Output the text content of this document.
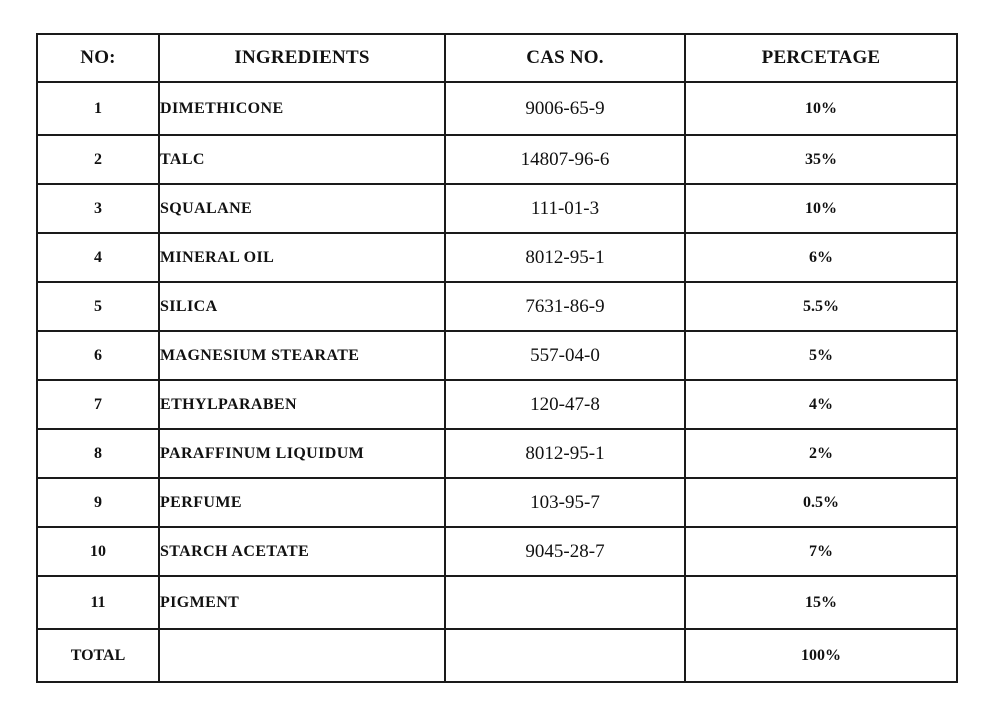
NO:	INGREDIENTS	CAS NO.	PERCETAGE
1	DIMETHICONE	9006-65-9	10%
2	TALC	14807-96-6	35%
3	SQUALANE	111-01-3	10%
4	MINERAL OIL	8012-95-1	6%
5	SILICA	7631-86-9	5.5%
6	MAGNESIUM STEARATE	557-04-0	5%
7	ETHYLPARABEN	120-47-8	4%
8	PARAFFINUM LIQUIDUM	8012-95-1	2%
9	PERFUME	103-95-7	0.5%
10	STARCH ACETATE	9045-28-7	7%
11	PIGMENT		15%
TOTAL			100%
